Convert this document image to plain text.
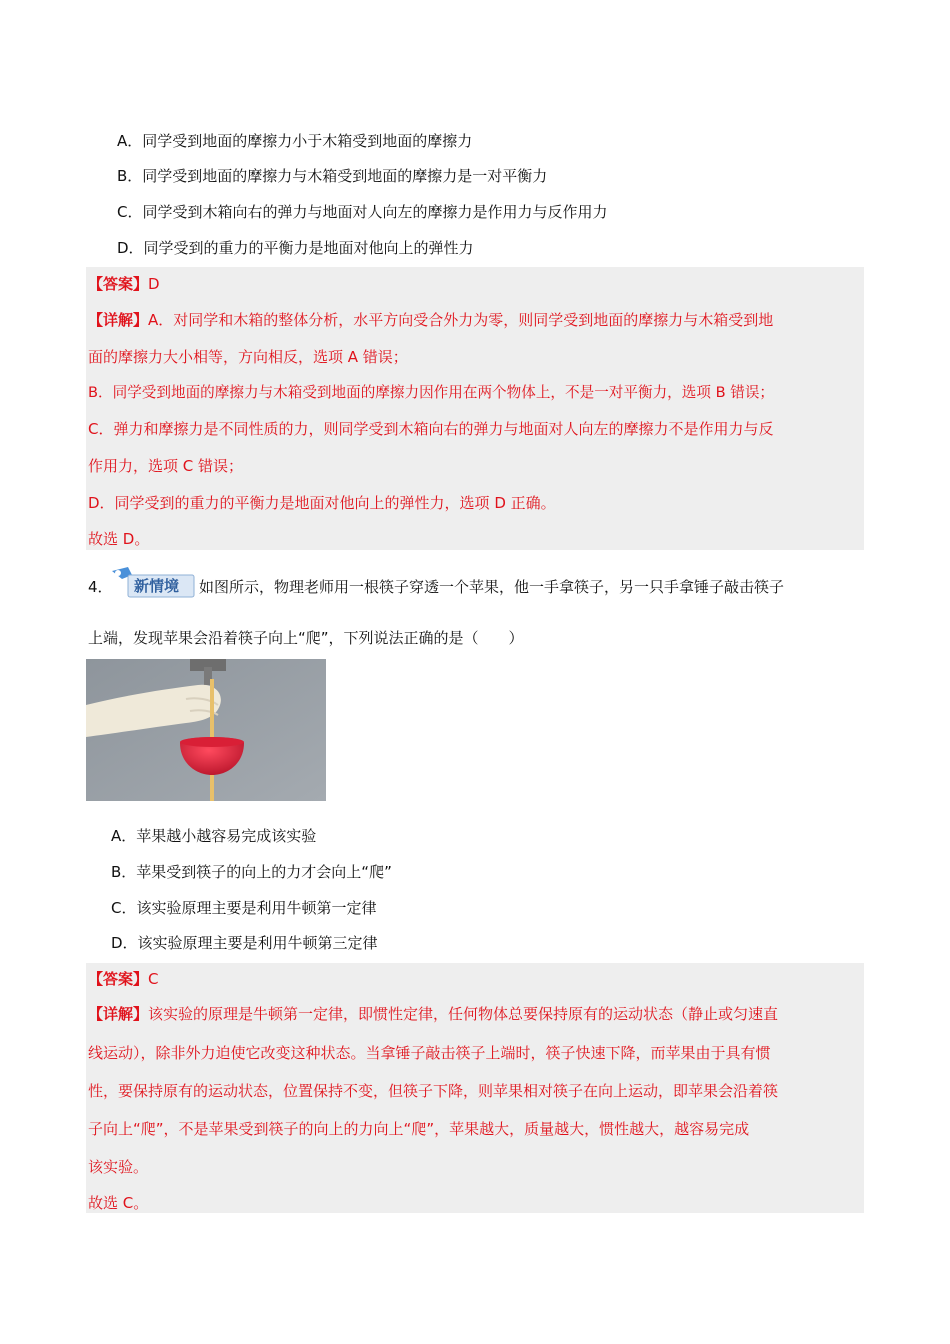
A．同学受到地面的摩擦力小于木箱受到地面的摩擦力
B．同学受到地面的摩擦力与木箱受到地面的摩擦力是一对平衡力
C．同学受到木箱向右的弹力与地面对人向左的摩擦力是作用力与反作用力
D．同学受到的重力的平衡力是地面对他向上的弹性力
【答案】D
【详解】A．对同学和木箱的整体分析，水平方向受合外力为零，则同学受到地面的摩擦力与木箱受到地
面的摩擦力大小相等，方向相反，选项 A 错误；
B．同学受到地面的摩擦力与木箱受到地面的摩擦力因作用在两个物体上，不是一对平衡力，选项 B 错误；
C．弹力和摩擦力是不同性质的力，则同学受到木箱向右的弹力与地面对人向左的摩擦力不是作用力与反
作用力，选项 C 错误；
D．同学受到的重力的平衡力是地面对他向上的弹性力，选项 D 正确。
故选 D。
4． 新情境 如图所示，物理老师用一根筷子穿透一个苹果，他一手拿筷子，另一只手拿锤子敲击筷子
上端，发现苹果会沿着筷子向上“爬”，下列说法正确的是（　　）
A．苹果越小越容易完成该实验
B．苹果受到筷子的向上的力才会向上“爬”
C．该实验原理主要是利用牛顿第一定律
D．该实验原理主要是利用牛顿第三定律
【答案】C
【详解】该实验的原理是牛顿第一定律，即惯性定律，任何物体总要保持原有的运动状态（静止或匀速直
线运动），除非外力迫使它改变这种状态。当拿锤子敲击筷子上端时，筷子快速下降，而苹果由于具有惯
性，要保持原有的运动状态，位置保持不变，但筷子下降，则苹果相对筷子在向上运动，即苹果会沿着筷
子向上“爬”，不是苹果受到筷子的向上的力向上“爬”，苹果越大，质量越大，惯性越大，越容易完成
该实验。
故选 C。
